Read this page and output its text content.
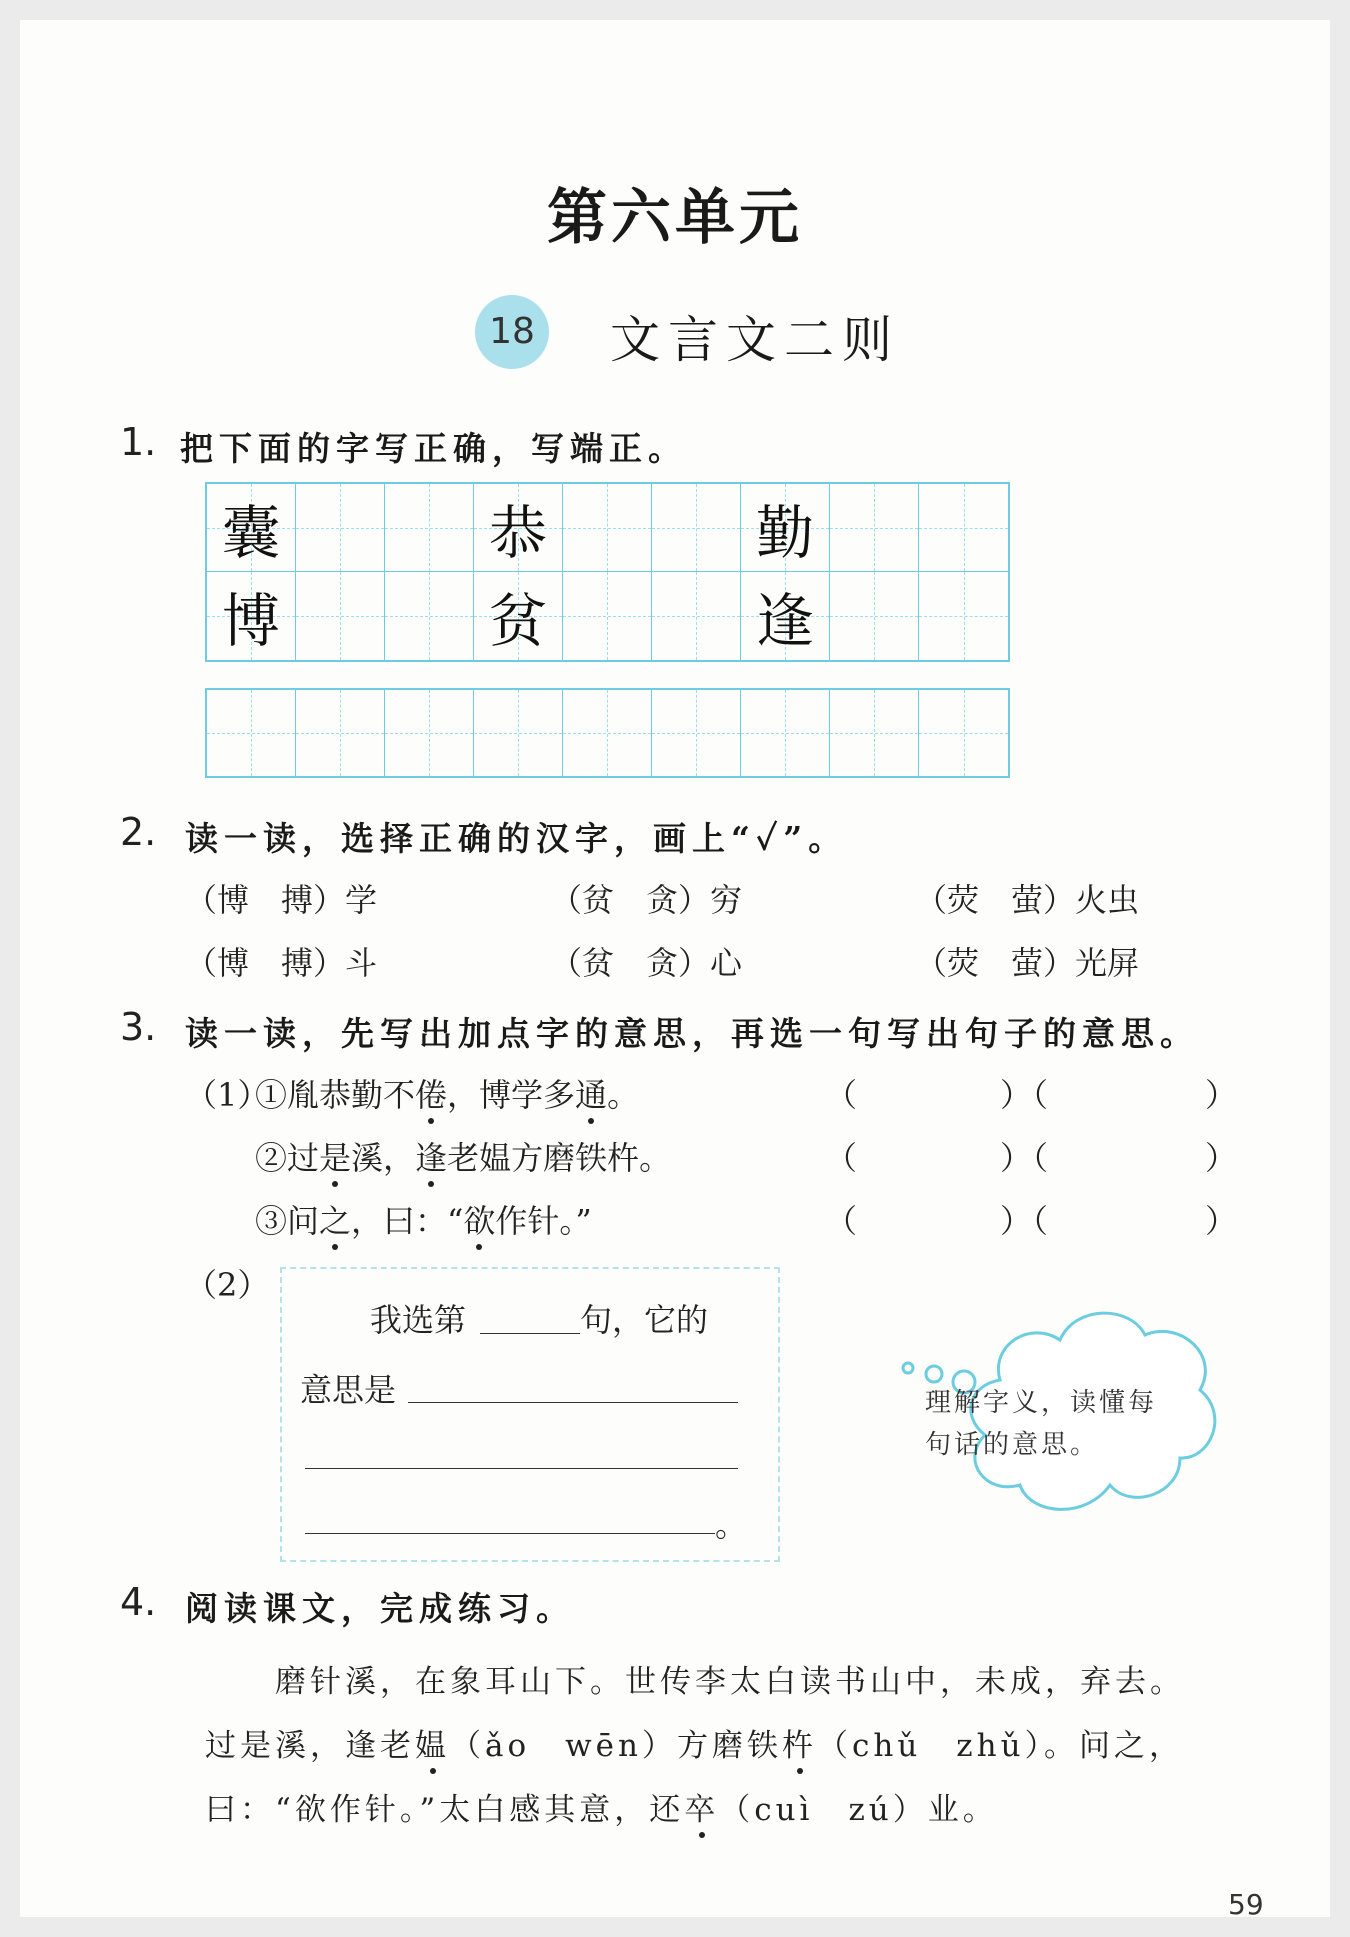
第六单元
18 文言文二则
1. 把下面的字写正确，写端正。
囊	恭	勤
博	贫	逢
2. 读一读，选择正确的汉字，画上“✓”。
（博　搏）学	（贫　贪）穷	（荧　萤）火虫
（博　搏）斗	（贫　贪）心	（荧　萤）光屏
3. 读一读，先写出加点字的意思，再选一句写出句子的意思。
（1）
①胤恭勤不倦，博学多通。
②过是溪，逢老媪方磨铁杵。
③问之，曰：“欲作针。”
（	）（	）
（	）（	）
（	）（	）
（2）
我选第	句，它的
意思是
。
理解字义，读懂每句话的意思。
4. 阅读课文，完成练习。
磨针溪，在象耳山下。世传李太白读书山中，未成，弃去。
过是溪，逢老媪（ǎo　wēn）方磨铁杵（chǔ　zhǔ）。问之，
曰：“欲作针。”太白感其意，还卒（cuì　zú）业。
59
